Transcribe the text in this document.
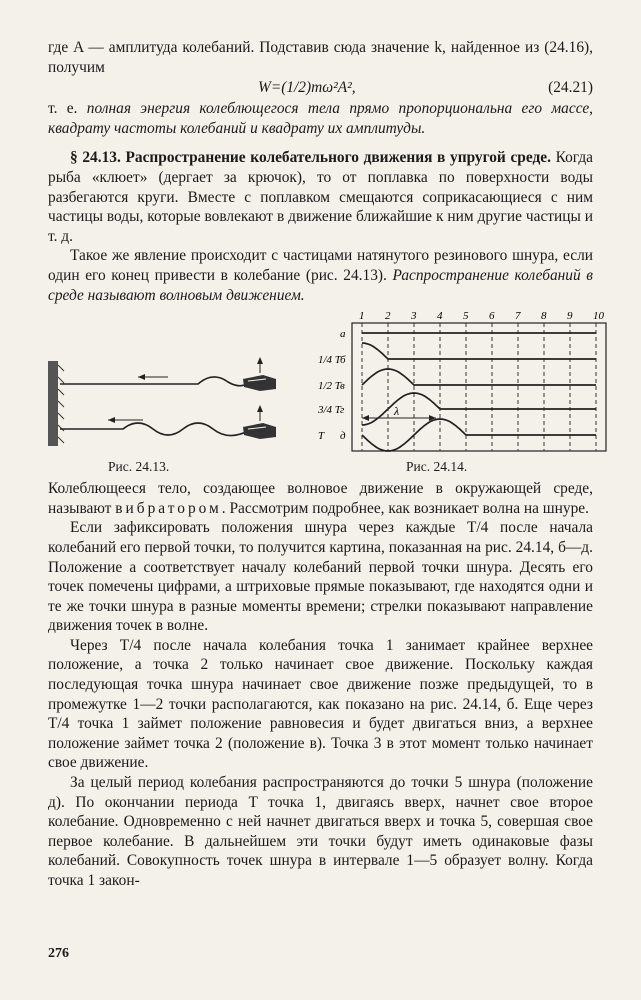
где A — амплитуда колебаний. Подставив сюда значение k, найденное из (24.16), получим

W=(1/2)mω²A²,	(24.21)

т. е. полная энергия колеблющегося тела прямо пропорциональна его массе, квадрату частоты колебаний и квадрату их амплитуды.

§ 24.13. Распространение колебательного движения в упругой среде. Когда рыба «клюет» (дергает за крючок), то от поплавка по поверхности воды разбегаются круги. Вместе с поплавком смещаются соприкасающиеся с ним частицы воды, которые вовлекают в движение ближайшие к ним другие частицы и т. д.

Такое же явление происходит с частицами натянутого резинового шнура, если один его конец привести в колебание (рис. 24.13). Распространение колебаний в среде называют волновым движением.

Рис. 24.13.
1 2 3 4 5 6 7 8 9 10
а
б
1/4 T
в
1/2 T
г
3/4 T
д
T
λ
Рис. 24.14.

Колеблющееся тело, создающее волновое движение в окружающей среде, называют вибратором. Рассмотрим подробнее, как возникает волна на шнуре.

Если зафиксировать положения шнура через каждые T/4 после начала колебаний его первой точки, то получится картина, показанная на рис. 24.14, б—д. Положение а соответствует началу колебаний первой точки шнура. Десять его точек помечены цифрами, а штриховые прямые показывают, где находятся одни и те же точки шнура в разные моменты времени; стрелки показывают направление движения точек в волне.

Через T/4 после начала колебания точка 1 занимает крайнее верхнее положение, а точка 2 только начинает свое движение. Поскольку каждая последующая точка шнура начинает свое движение позже предыдущей, то в промежутке 1—2 точки располагаются, как показано на рис. 24.14, б. Еще через T/4 точка 1 займет положение равновесия и будет двигаться вниз, а верхнее положение займет точка 2 (положение в). Точка 3 в этот момент только начинает свое движение.

За целый период колебания распространяются до точки 5 шнура (положение д). По окончании периода T точка 1, двигаясь вверх, начнет свое второе колебание. Одновременно с ней начнет двигаться вверх и точка 5, совершая свое первое колебание. В дальнейшем эти точки будут иметь одинаковые фазы колебаний. Совокупность точек шнура в интервале 1—5 образует волну. Когда точка 1 закон-

276
